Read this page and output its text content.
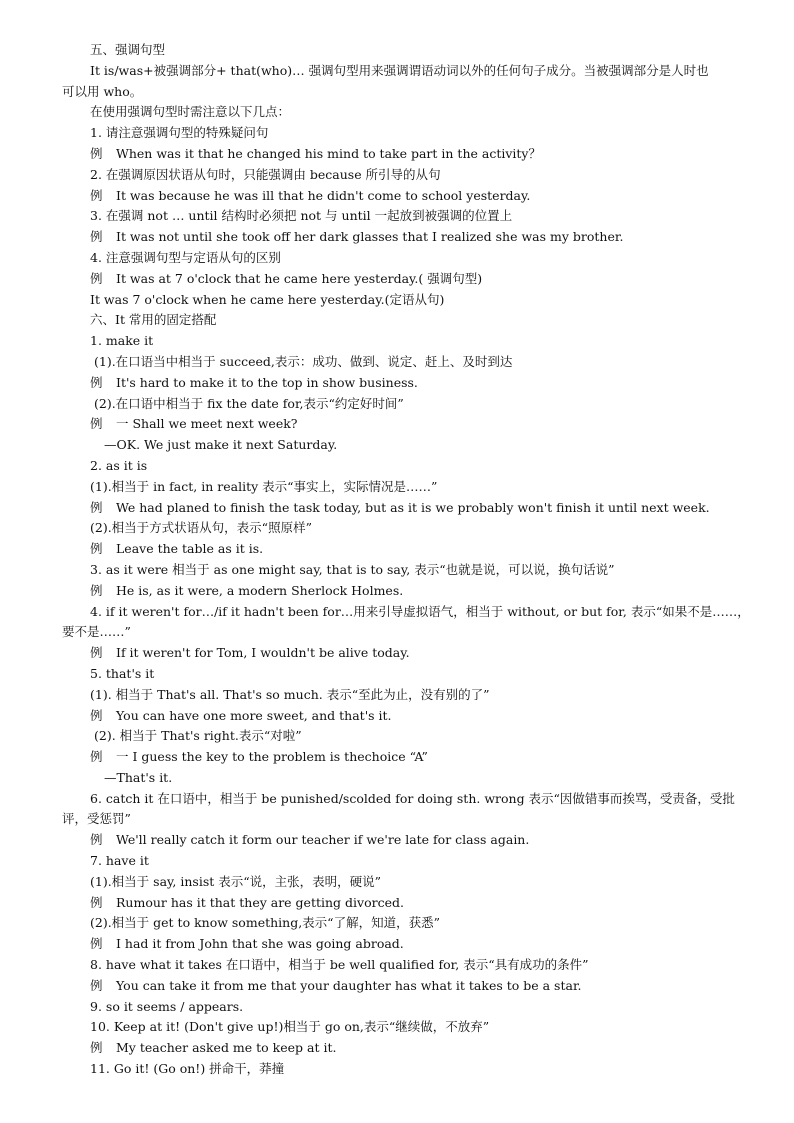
五、强调句型
It is/was+被强调部分+ that(who)… 强调句型用来强调谓语动词以外的任何句子成分。当被强调部分是人时也
可以用 who。
在使用强调句型时需注意以下几点：
1. 请注意强调句型的特殊疑问句
例 When was it that he changed his mind to take part in the activity？
2. 在强调原因状语从句时，只能强调由 because 所引导的从句
例 It was because he was ill that he didn't come to school yesterday.
3. 在强调 not … until 结构时必须把 not 与 until 一起放到被强调的位置上
例 It was not until she took off her dark glasses that I realized she was my brother.
4. 注意强调句型与定语从句的区别
例 It was at 7 o'clock that he came here yesterday.( 强调句型)
It was 7 o'clock when he came here yesterday.(定语从句)
六、It 常用的固定搭配
1. make it
(1).在口语当中相当于 succeed,表示：成功、做到、说定、赶上、及时到达
例 It's hard to make it to the top in show business.
(2).在口语中相当于 fix the date for,表示“约定好时间”
例 一 Shall we meet next week?
—OK. We just make it next Saturday.
2. as it is
(1).相当于 in fact, in reality 表示“事实上，实际情况是……”
例 We had planed to finish the task today, but as it is we probably won't finish it until next week.
(2).相当于方式状语从句，表示“照原样”
例 Leave the table as it is.
3. as it were 相当于 as one might say, that is to say, 表示“也就是说，可以说，换句话说”
例 He is, as it were, a modern Sherlock Holmes.
4. if it weren't for…/if it hadn't been for…用来引导虚拟语气，相当于 without, or but for, 表示“如果不是……，
要不是……”
例 If it weren't for Tom, I wouldn't be alive today.
5. that's it
(1). 相当于 That's all. That's so much. 表示“至此为止，没有别的了”
例 You can have one more sweet, and that's it.
(2). 相当于 That's right.表示“对啦”
例 一 I guess the key to the problem is thechoice “A”
—That's it.
6. catch it 在口语中，相当于 be punished/scolded for doing sth. wrong 表示“因做错事而挨骂，受责备，受批
评，受惩罚”
例 We'll really catch it form our teacher if we're late for class again.
7. have it
(1).相当于 say, insist 表示“说，主张，表明，硬说”
例 Rumour has it that they are getting divorced.
(2).相当于 get to know something,表示“了解，知道，获悉”
例 I had it from John that she was going abroad.
8. have what it takes 在口语中，相当于 be well qualified for, 表示“具有成功的条件”
例 You can take it from me that your daughter has what it takes to be a star.
9. so it seems / appears.
10. Keep at it! (Don't give up!)相当于 go on,表示“继续做，不放弃”
例 My teacher asked me to keep at it.
11. Go it! (Go on!) 拼命干，莽撞
